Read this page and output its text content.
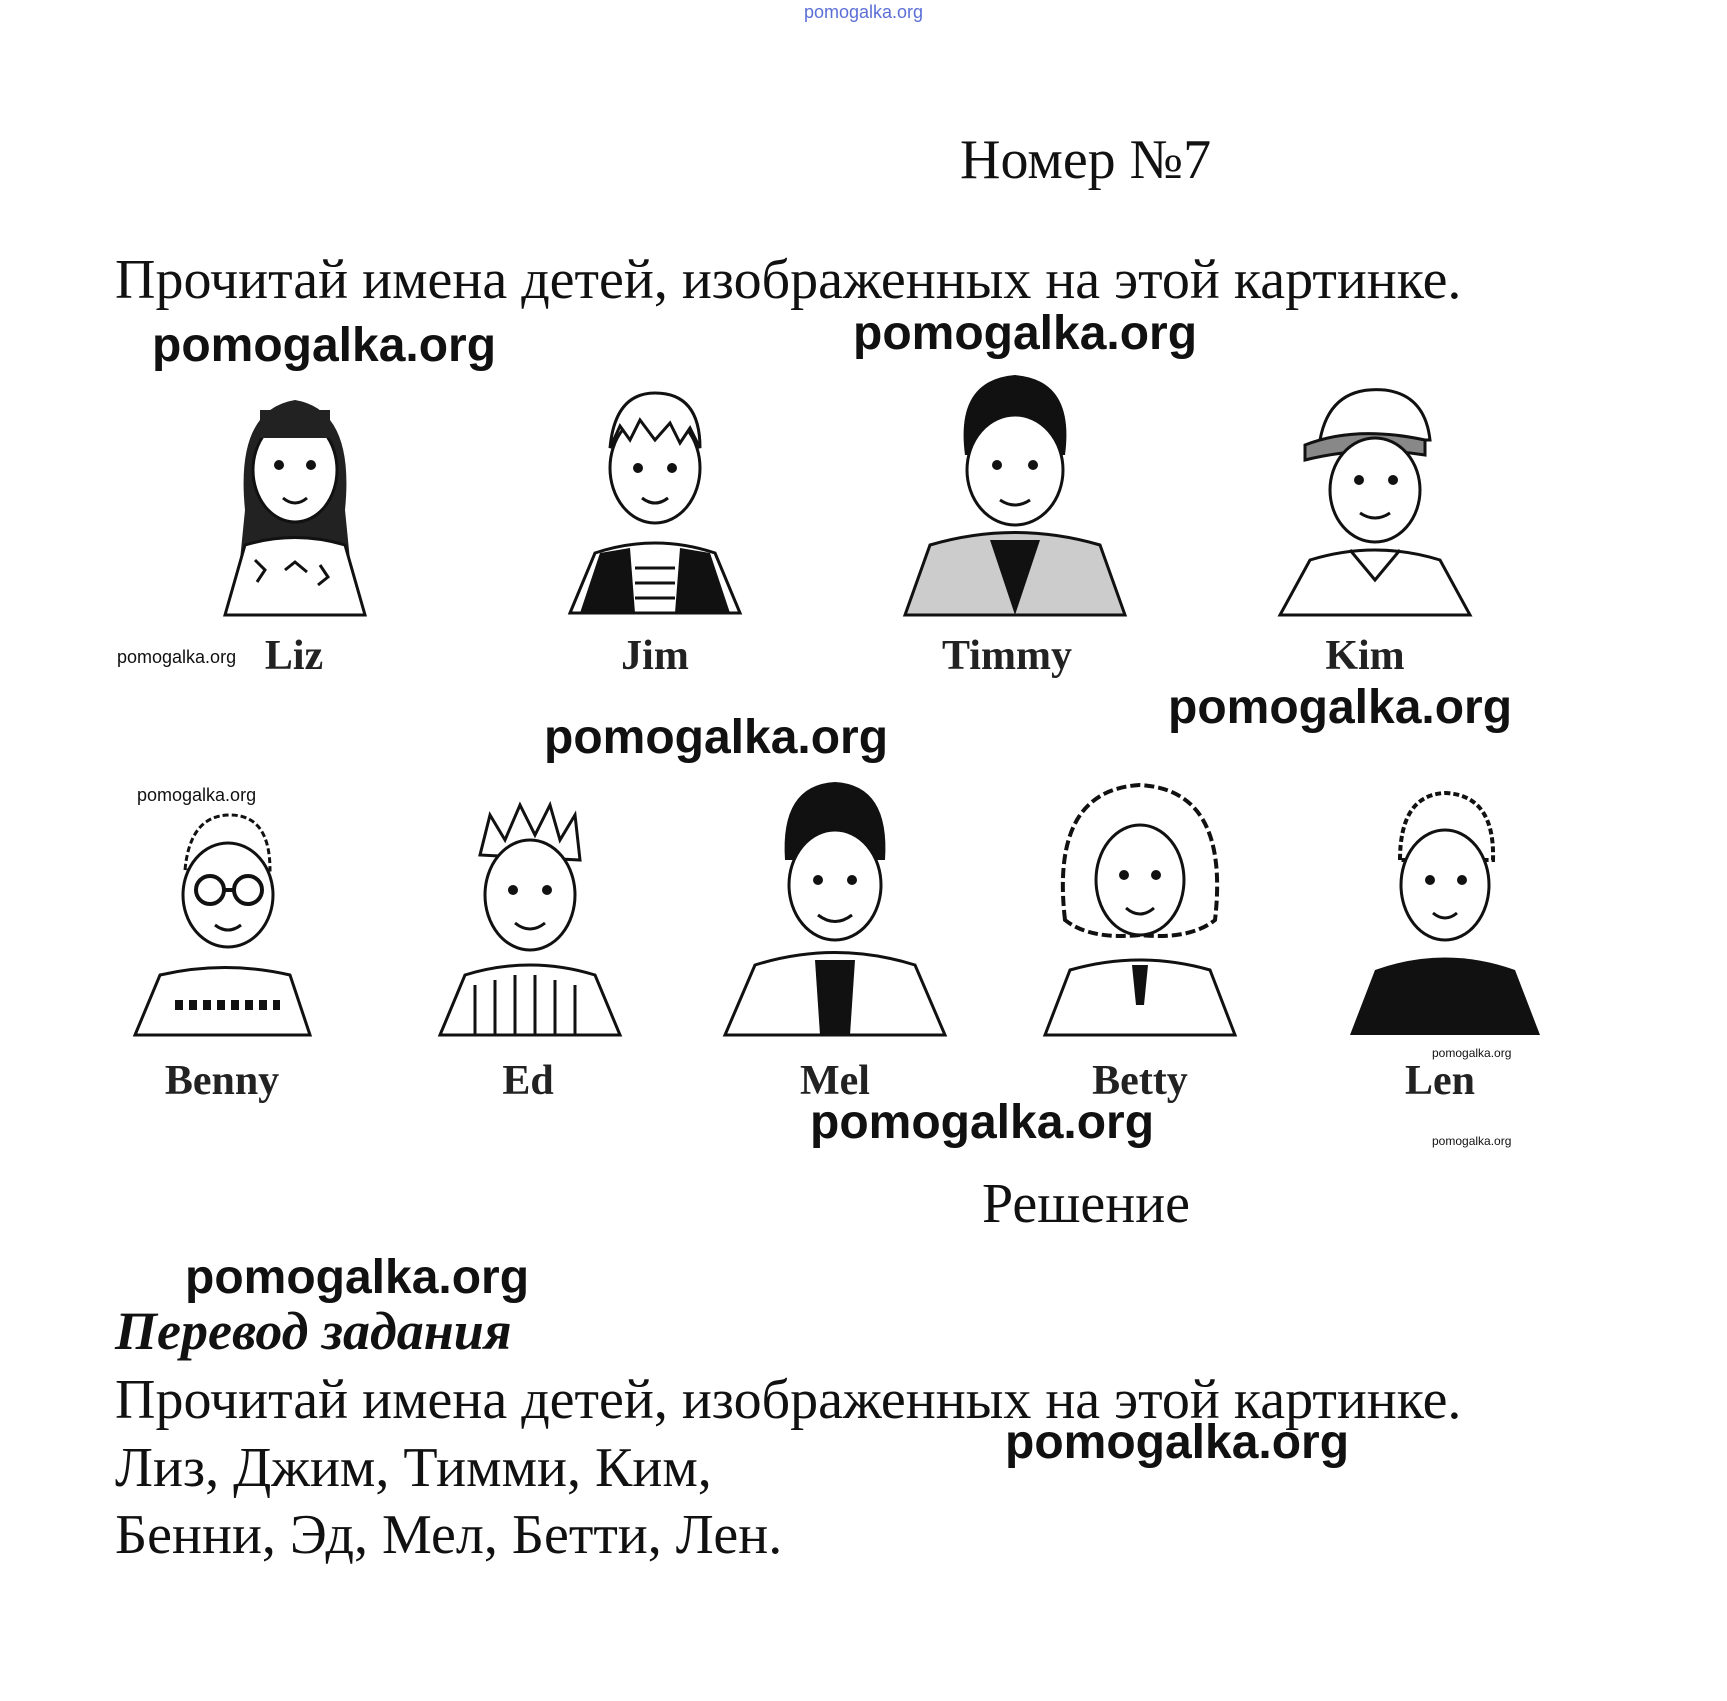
pomogalka.org
Номер №7
Прочитай имена детей, изображенных на этой картинке.
pomogalka.org	pomogalka.org
pomogalka.org
pomogalka.org
pomogalka.org
pomogalka.org
pomogalka.org
pomogalka.org
pomogalka.org
Liz	Jim	Timmy	Kim
Benny	Ed	Mel	Betty	Len
Решение
pomogalka.org
Перевод задания
Прочитай имена детей, изображенных на этой картинке.
pomogalka.org
Лиз, Джим, Тимми, Ким,
Бенни, Эд, Мел, Бетти, Лен.
